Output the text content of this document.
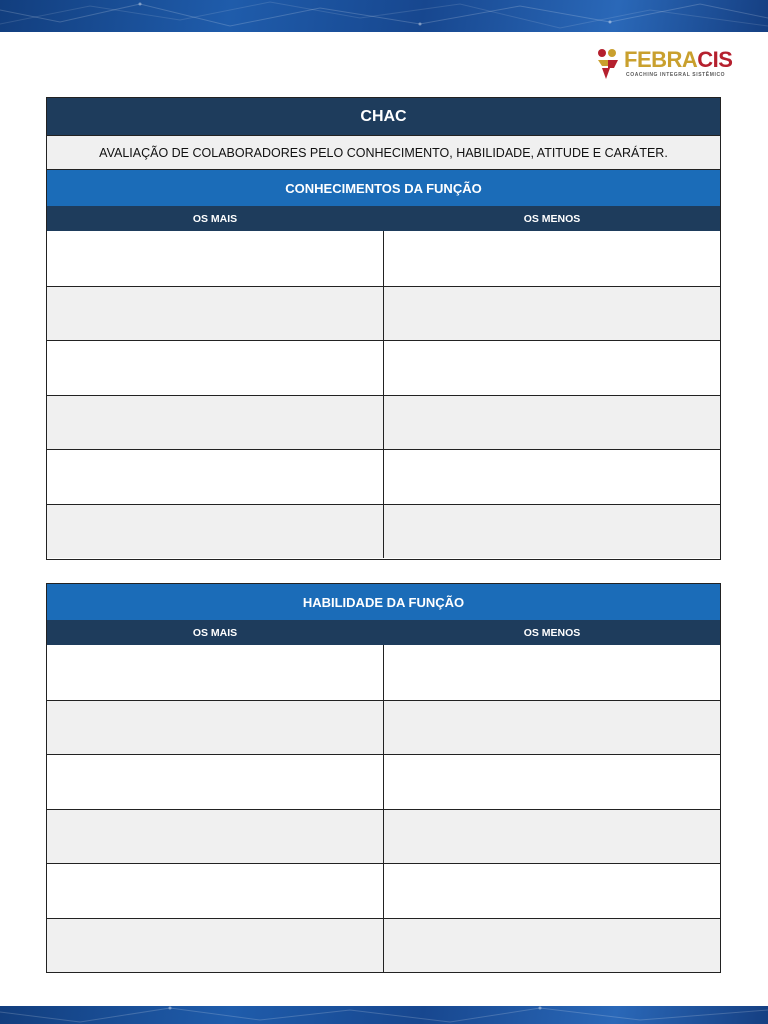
FEBRACIS
COACHING INTEGRAL SISTÊMICO
CHAC
AVALIAÇÃO DE COLABORADORES PELO CONHECIMENTO, HABILIDADE, ATITUDE E CARÁTER.
CONHECIMENTOS DA FUNÇÃO
OS MAIS	OS MENOS
HABILIDADE DA FUNÇÃO
OS MAIS	OS MENOS
